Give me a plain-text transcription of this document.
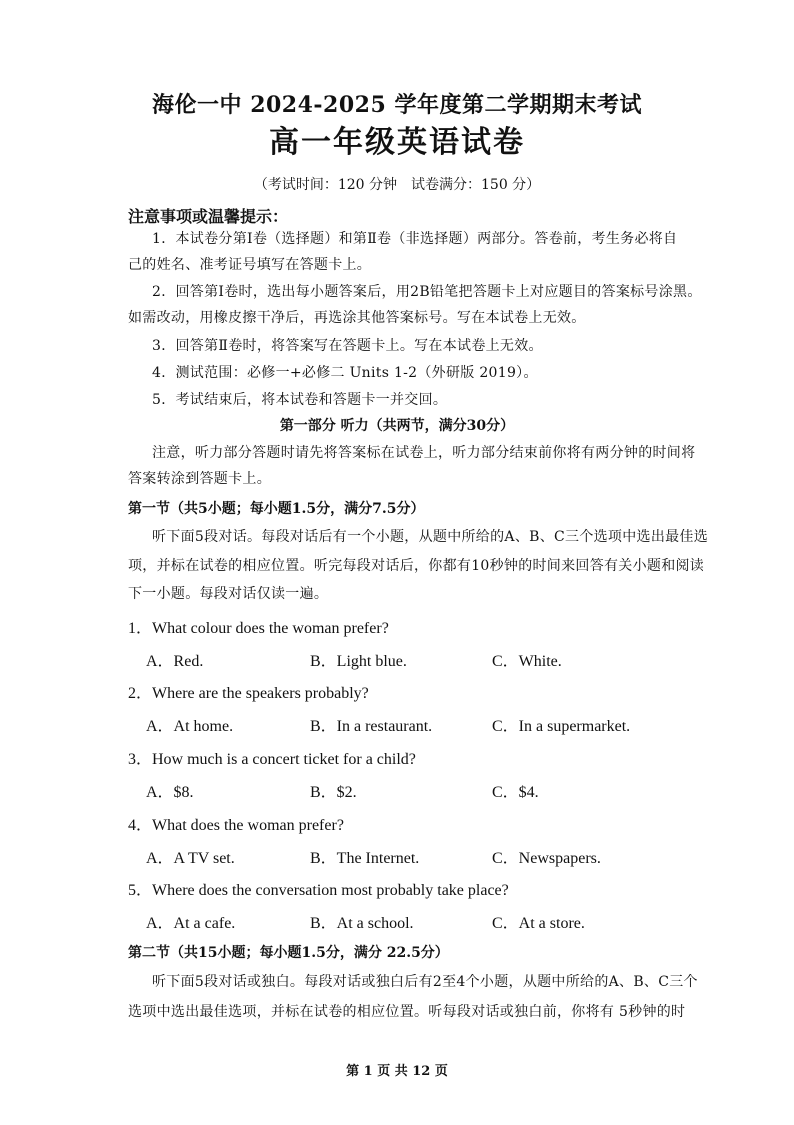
海伦一中 2024-2025 学年度第二学期期末考试
高一年级英语试卷
（考试时间：120 分钟　试卷满分：150 分）
注意事项或温馨提示：
1．本试卷分第Ⅰ卷（选择题）和第Ⅱ卷（非选择题）两部分。答卷前，考生务必将自
己的姓名、准考证号填写在答题卡上。
2．回答第Ⅰ卷时，选出每小题答案后，用2B铅笔把答题卡上对应题目的答案标号涂黑。
如需改动，用橡皮擦干净后，再选涂其他答案标号。写在本试卷上无效。
3．回答第Ⅱ卷时，将答案写在答题卡上。写在本试卷上无效。
4．测试范围：必修一+必修二 Units 1-2（外研版 2019）。
5．考试结束后，将本试卷和答题卡一并交回。
第一部分 听力（共两节，满分30分）
注意，听力部分答题时请先将答案标在试卷上，听力部分结束前你将有两分钟的时间将
答案转涂到答题卡上。
第一节（共5小题；每小题1.5分，满分7.5分）
听下面5段对话。每段对话后有一个小题，从题中所给的A、B、C三个选项中选出最佳选
项，并标在试卷的相应位置。听完每段对话后，你都有10秒钟的时间来回答有关小题和阅读
下一小题。每段对话仅读一遍。
1．What colour does the woman prefer?
A．Red.	B．Light blue.	C．White.
2．Where are the speakers probably?
A．At home.	B．In a restaurant.	C．In a supermarket.
3．How much is a concert ticket for a child?
A．$8.	B．$2.	C．$4.
4．What does the woman prefer?
A．A TV set.	B．The Internet.	C．Newspapers.
5．Where does the conversation most probably take place?
A．At a cafe.	B．At a school.	C．At a store.
第二节（共15小题；每小题1.5分，满分 22.5分）
听下面5段对话或独白。每段对话或独白后有2至4个小题，从题中所给的A、B、C三个
选项中选出最佳选项，并标在试卷的相应位置。听每段对话或独白前，你将有 5秒钟的时
第 1 页 共 12 页
